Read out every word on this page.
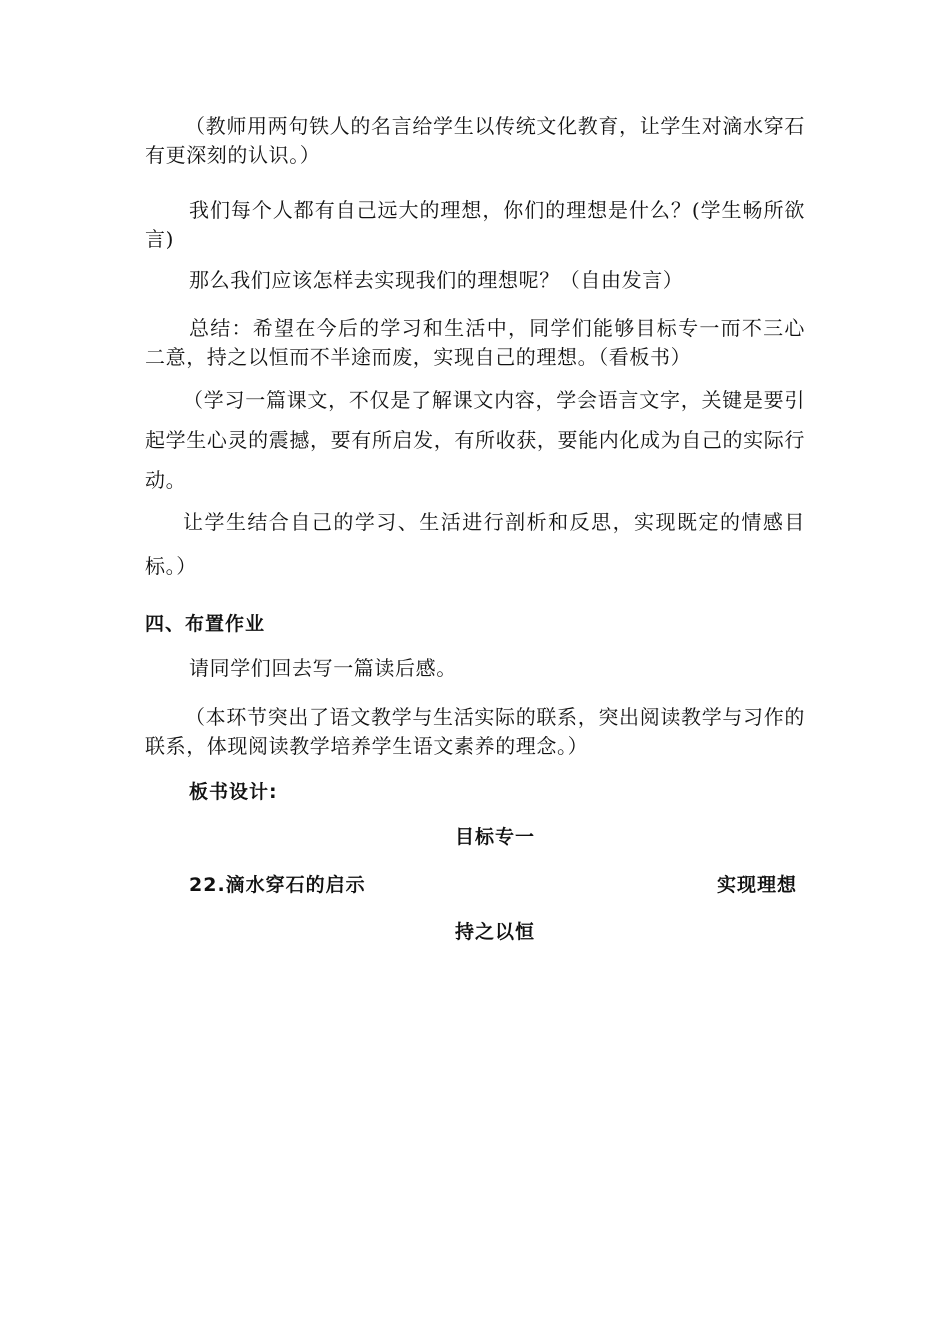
（教师用两句铁人的名言给学生以传统文化教育，让学生对滴水穿石有更深刻的认识。）

我们每个人都有自己远大的理想，你们的理想是什么？(学生畅所欲言)

那么我们应该怎样去实现我们的理想呢？（自由发言）

总结：希望在今后的学习和生活中，同学们能够目标专一而不三心二意，持之以恒而不半途而废，实现自己的理想。（看板书）

（学习一篇课文，不仅是了解课文内容，学会语言文字，关键是要引起学生心灵的震撼，要有所启发，有所收获，要能内化成为自己的实际行动。

让学生结合自己的学习、生活进行剖析和反思，实现既定的情感目标。）

四、布置作业

请同学们回去写一篇读后感。

（本环节突出了语文教学与生活实际的联系，突出阅读教学与习作的联系，体现阅读教学培养学生语文素养的理念。）

板书设计:
目标专一
22.滴水穿石的启示	实现理想
持之以恒
